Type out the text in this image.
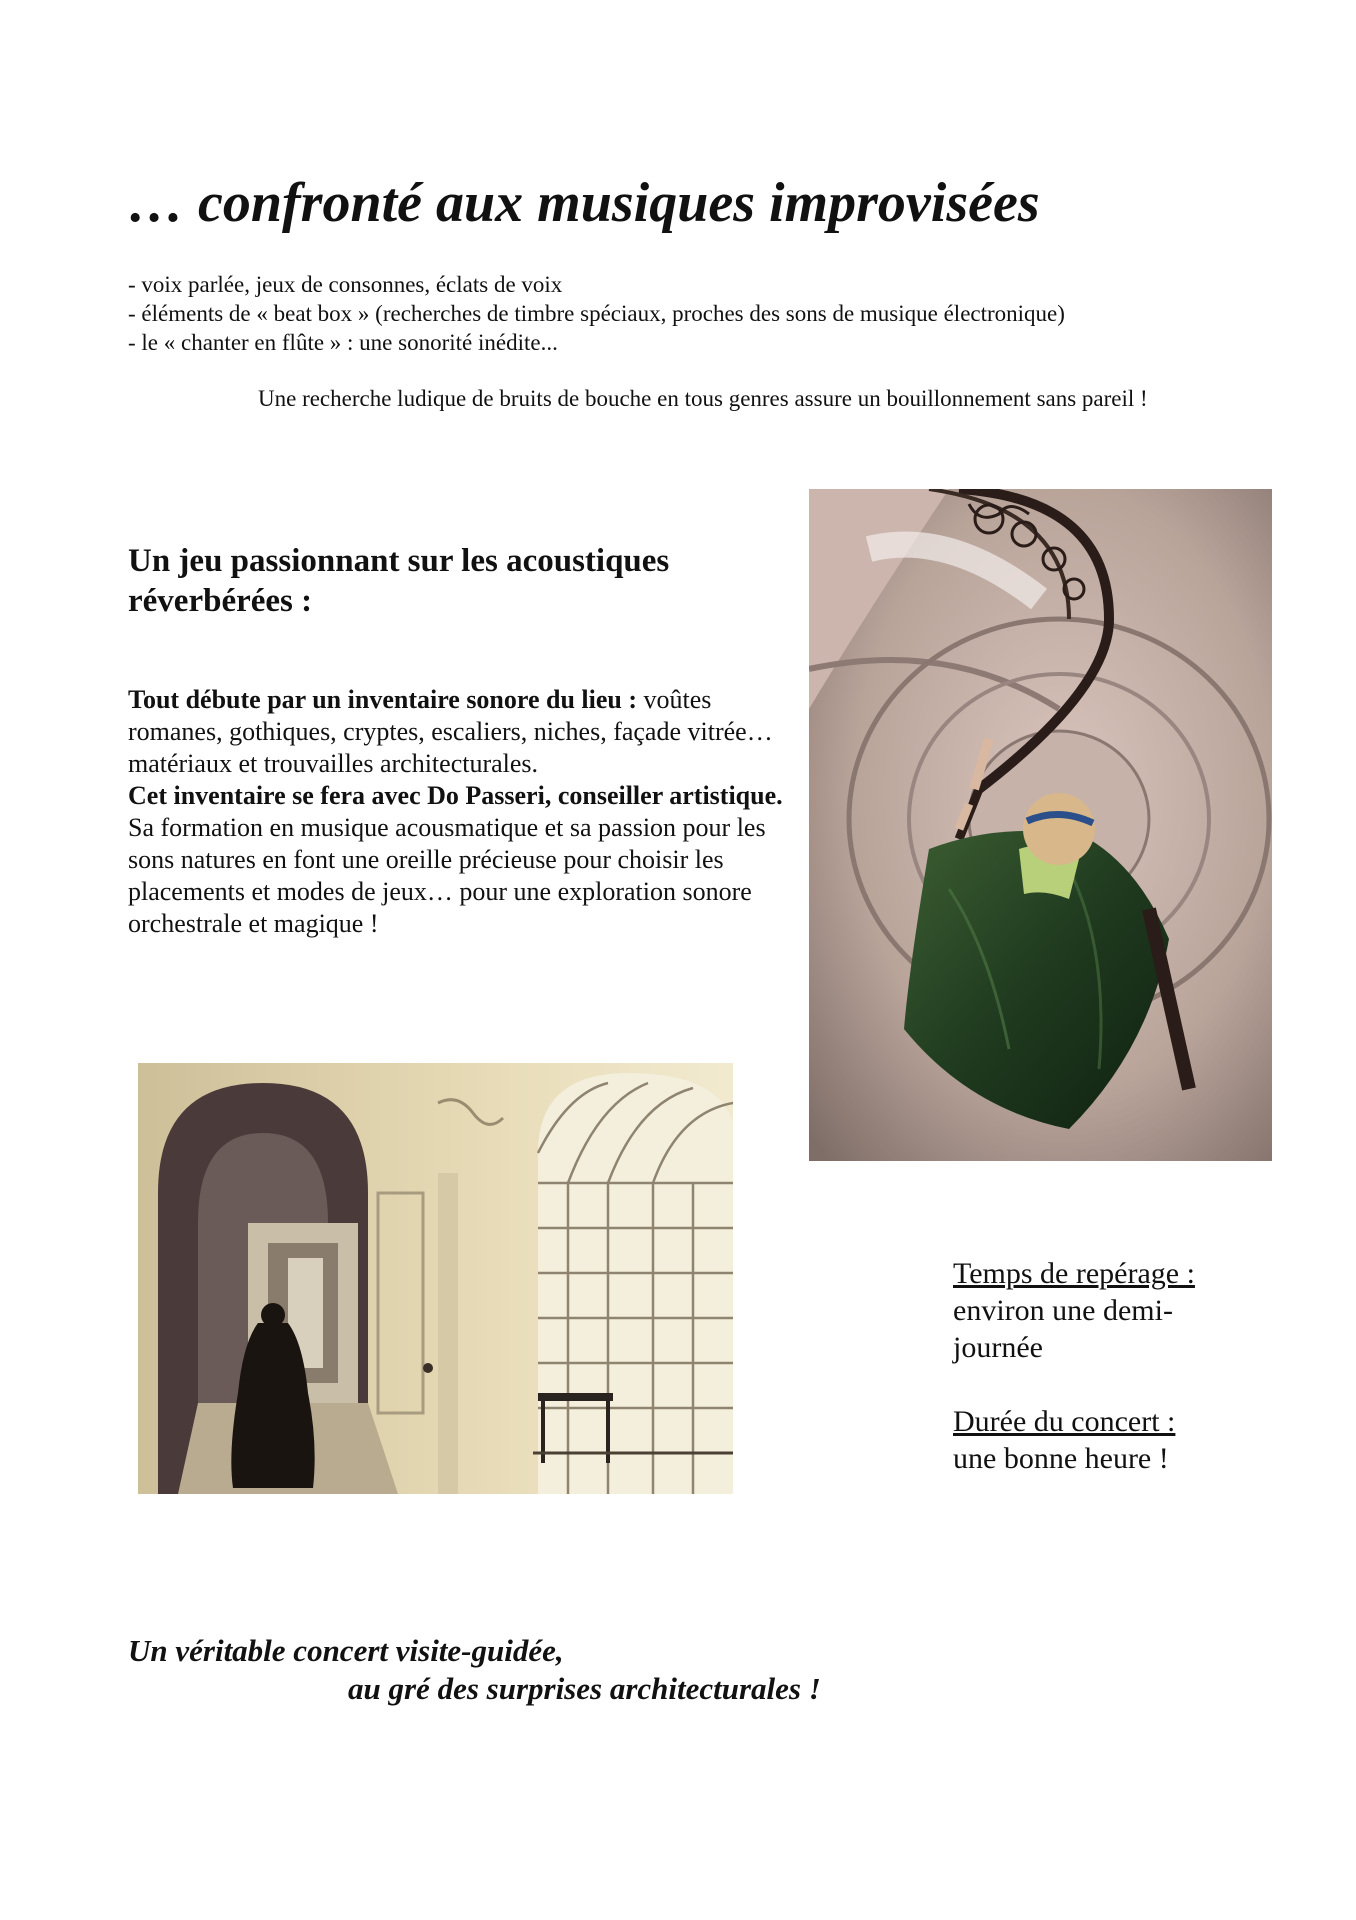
… confronté aux musiques improvisées
- voix parlée, jeux de consonnes, éclats de voix
- éléments de « beat box » (recherches de timbre spéciaux, proches des sons de musique électronique)
- le « chanter en flûte » : une sonorité inédite...
Une recherche ludique de bruits de bouche en tous genres assure un bouillonnement sans pareil !
Un jeu passionnant sur les acoustiques réverbérées :
Tout débute par un inventaire sonore du lieu : voûtes romanes, gothiques, cryptes, escaliers, niches, façade vitrée… matériaux et trouvailles architecturales.
Cet inventaire se fera avec Do Passeri, conseiller artistique. Sa formation en musique acousmatique et sa passion pour les sons natures en font une oreille précieuse pour choisir les placements et modes de jeux… pour une exploration sonore orchestrale et magique !
Temps de repérage :
environ une demi-journée
Durée du concert :
une bonne heure !
Un véritable concert visite-guidée,
au gré des surprises architecturales !
